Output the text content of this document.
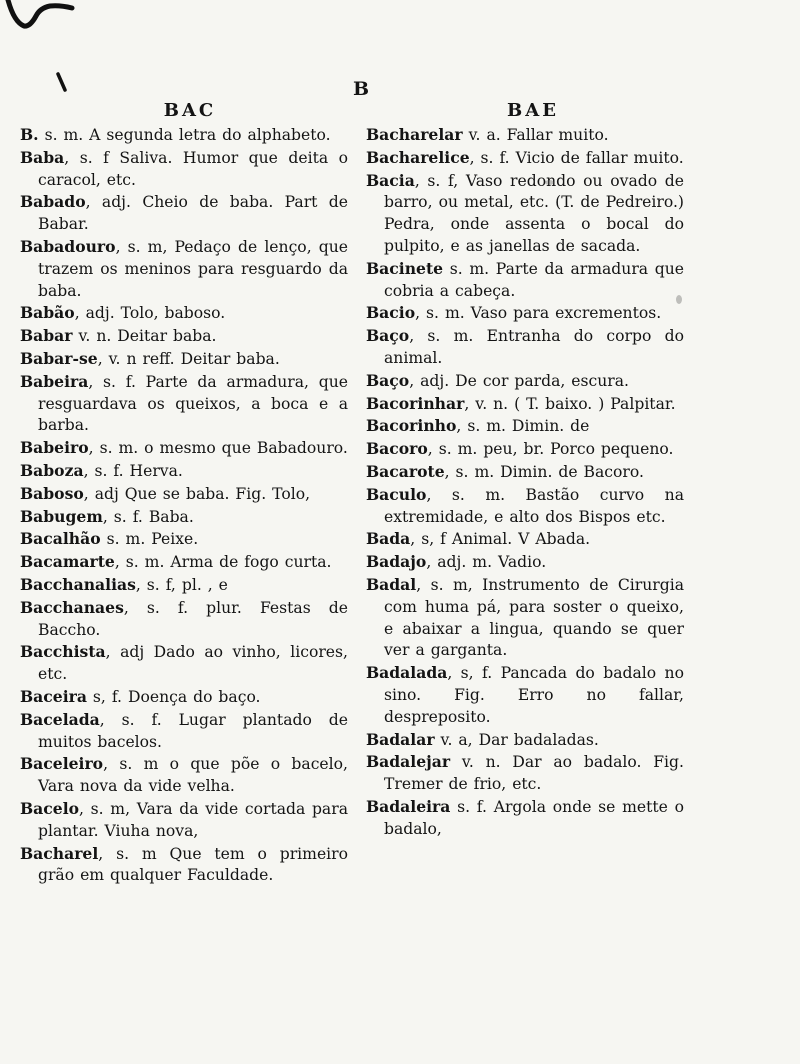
B
BAC	BAE

B. s. m. A segunda letra do alphabeto.

Baba, s. f Saliva. Humor que deita o caracol, etc.

Babado, adj. Cheio de baba. Part de Babar.

Babadouro, s. m, Pedaço de lenço, que trazem os meninos para resguardo da baba.

Babão, adj. Tolo, baboso.

Babar v. n. Deitar baba.

Babar-se, v. n reff. Deitar baba.

Babeira, s. f. Parte da armadura, que resguardava os queixos, a boca e a barba.

Babeiro, s. m. o mesmo que Babadouro.

Baboza, s. f. Herva.

Baboso, adj Que se baba. Fig. Tolo,

Babugem, s. f. Baba.

Bacalhão s. m. Peixe.

Bacamarte, s. m. Arma de fogo curta.

Bacchanalias, s. f, pl. , e

Bacchanaes, s. f. plur. Festas de Baccho.

Bacchista, adj Dado ao vinho, licores, etc.

Baceira s, f. Doença do baço.

Bacelada, s. f. Lugar plantado de muitos bacelos.

Baceleiro, s. m o que põe o bacelo, Vara nova da vide velha.

Bacelo, s. m, Vara da vide cortada para plantar. Viuha nova,

Bacharel, s. m Que tem o primeiro grão em qualquer Faculdade.

Bacharelar v. a. Fallar muito.

Bacharelice, s. f. Vicio de fallar muito.

Bacia, s. f, Vaso redondo ou ovado de barro, ou metal, etc. (T. de Pedreiro.) Pedra, onde assenta o bocal do pulpito, e as janellas de sacada.

Bacinete s. m. Parte da armadura que cobria a cabeça.

Bacio, s. m. Vaso para excrementos.

Baço, s. m. Entranha do corpo do animal.

Baço, adj. De cor parda, escura.

Bacorinhar, v. n. ( T. baixo. ) Palpitar.

Bacorinho, s. m. Dimin. de

Bacoro, s. m. peu, br. Porco pequeno.

Bacarote, s. m. Dimin. de Bacoro.

Baculo, s. m. Bastão curvo na extremidade, e alto dos Bispos etc.

Bada, s, f Animal. V Abada.

Badajo, adj. m. Vadio.

Badal, s. m, Instrumento de Cirurgia com huma pá, para soster o queixo, e abaixar a lingua, quando se quer ver a garganta.

Badalada, s, f. Pancada do badalo no sino. Fig. Erro no fallar, despreposito.

Badalar v. a, Dar badaladas.

Badalejar v. n. Dar ao badalo. Fig. Tremer de frio, etc.

Badaleira s. f. Argola onde se mette o badalo,
